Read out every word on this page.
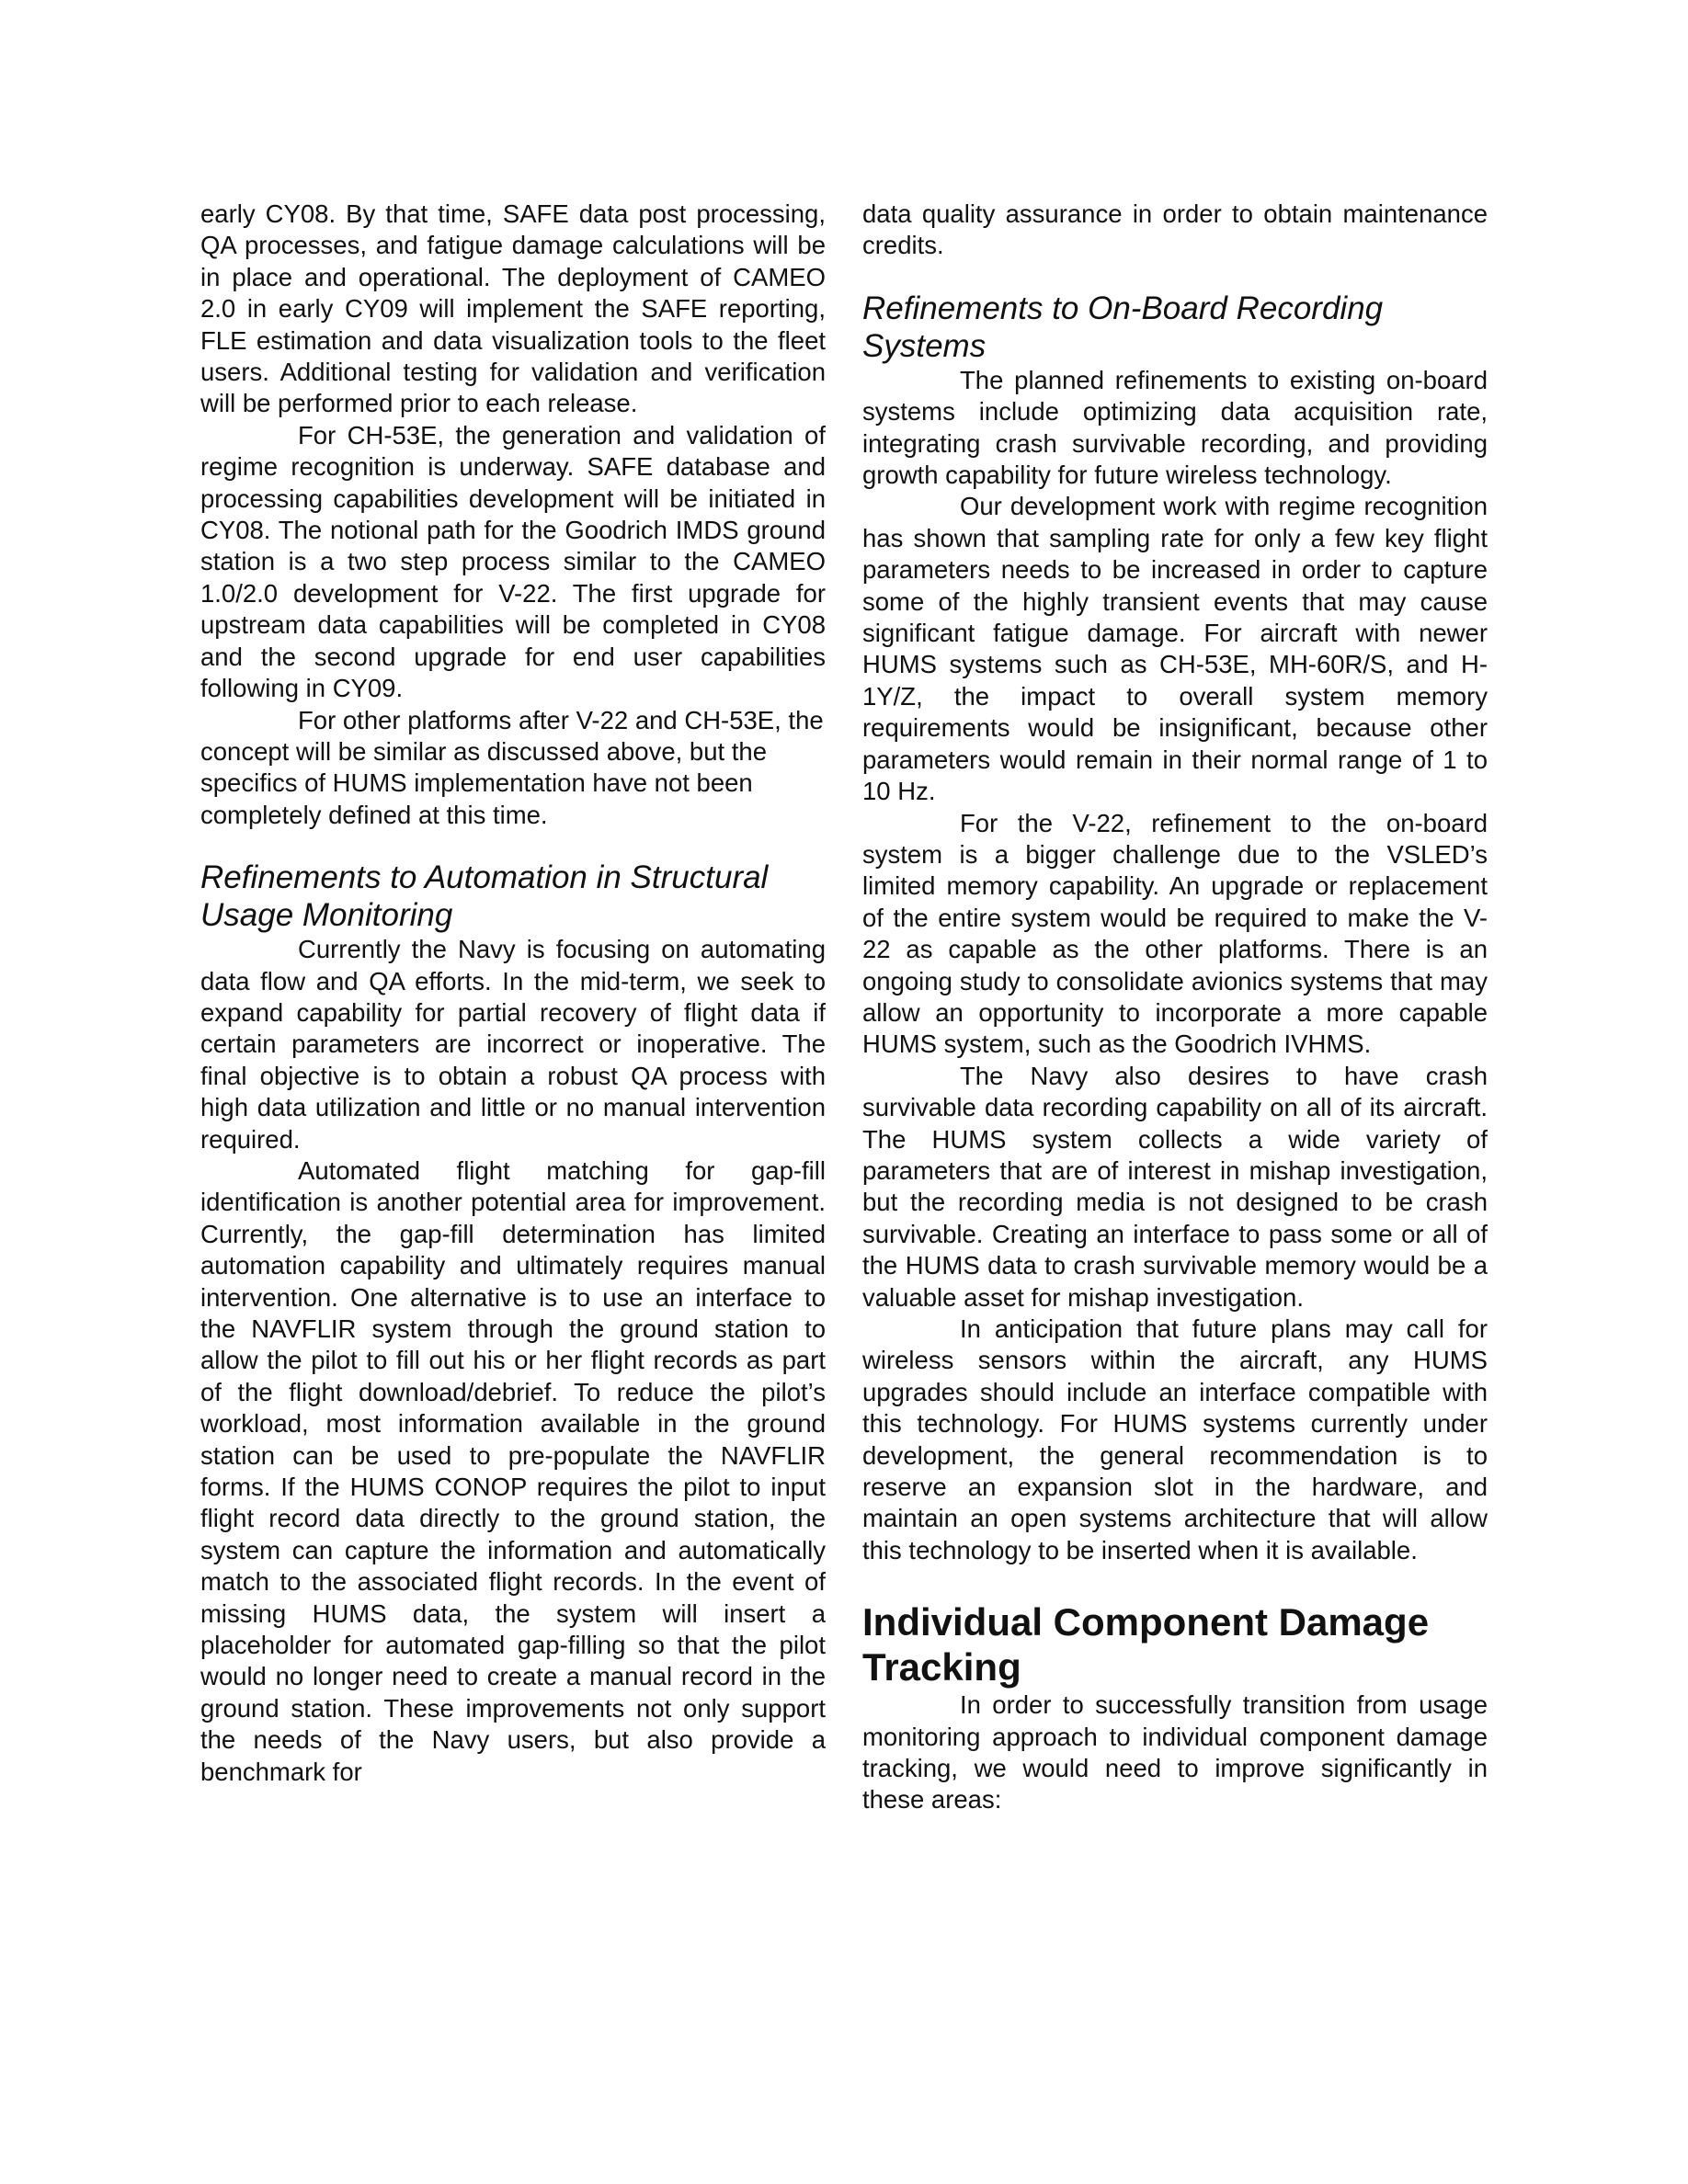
early CY08. By that time, SAFE data post processing, QA processes, and fatigue damage calculations will be in place and operational. The deployment of CAMEO 2.0 in early CY09 will implement the SAFE reporting, FLE estimation and data visualization tools to the fleet users. Additional testing for validation and verification will be performed prior to each release.

For CH-53E, the generation and validation of regime recognition is underway. SAFE database and processing capabilities development will be initiated in CY08. The notional path for the Goodrich IMDS ground station is a two step process similar to the CAMEO 1.0/2.0 development for V-22. The first upgrade for upstream data capabilities will be completed in CY08 and the second upgrade for end user capabilities following in CY09.

For other platforms after V-22 and CH-53E, the concept will be similar as discussed above, but the specifics of HUMS implementation have not been completely defined at this time.

Refinements to Automation in Structural Usage Monitoring

Currently the Navy is focusing on automating data flow and QA efforts. In the mid-term, we seek to expand capability for partial recovery of flight data if certain parameters are incorrect or inoperative. The final objective is to obtain a robust QA process with high data utilization and little or no manual intervention required.

Automated flight matching for gap-fill identification is another potential area for improvement. Currently, the gap-fill determination has limited automation capability and ultimately requires manual intervention. One alternative is to use an interface to the NAVFLIR system through the ground station to allow the pilot to fill out his or her flight records as part of the flight download/debrief. To reduce the pilot’s workload, most information available in the ground station can be used to pre-populate the NAVFLIR forms. If the HUMS CONOP requires the pilot to input flight record data directly to the ground station, the system can capture the information and automatically match to the associated flight records. In the event of missing HUMS data, the system will insert a placeholder for automated gap-filling so that the pilot would no longer need to create a manual record in the ground station. These improvements not only support the needs of the Navy users, but also provide a benchmark for

data quality assurance in order to obtain maintenance credits.

Refinements to On-Board Recording Systems

The planned refinements to existing on-board systems include optimizing data acquisition rate, integrating crash survivable recording, and providing growth capability for future wireless technology.

Our development work with regime recognition has shown that sampling rate for only a few key flight parameters needs to be increased in order to capture some of the highly transient events that may cause significant fatigue damage. For aircraft with newer HUMS systems such as CH-53E, MH-60R/S, and H-1Y/Z, the impact to overall system memory requirements would be insignificant, because other parameters would remain in their normal range of 1 to 10 Hz.

For the V-22, refinement to the on-board system is a bigger challenge due to the VSLED’s limited memory capability. An upgrade or replacement of the entire system would be required to make the V-22 as capable as the other platforms. There is an ongoing study to consolidate avionics systems that may allow an opportunity to incorporate a more capable HUMS system, such as the Goodrich IVHMS.

The Navy also desires to have crash survivable data recording capability on all of its aircraft. The HUMS system collects a wide variety of parameters that are of interest in mishap investigation, but the recording media is not designed to be crash survivable. Creating an interface to pass some or all of the HUMS data to crash survivable memory would be a valuable asset for mishap investigation.

In anticipation that future plans may call for wireless sensors within the aircraft, any HUMS upgrades should include an interface compatible with this technology. For HUMS systems currently under development, the general recommendation is to reserve an expansion slot in the hardware, and maintain an open systems architecture that will allow this technology to be inserted when it is available.

Individual Component Damage Tracking

In order to successfully transition from usage monitoring approach to individual component damage tracking, we would need to improve significantly in these areas:
